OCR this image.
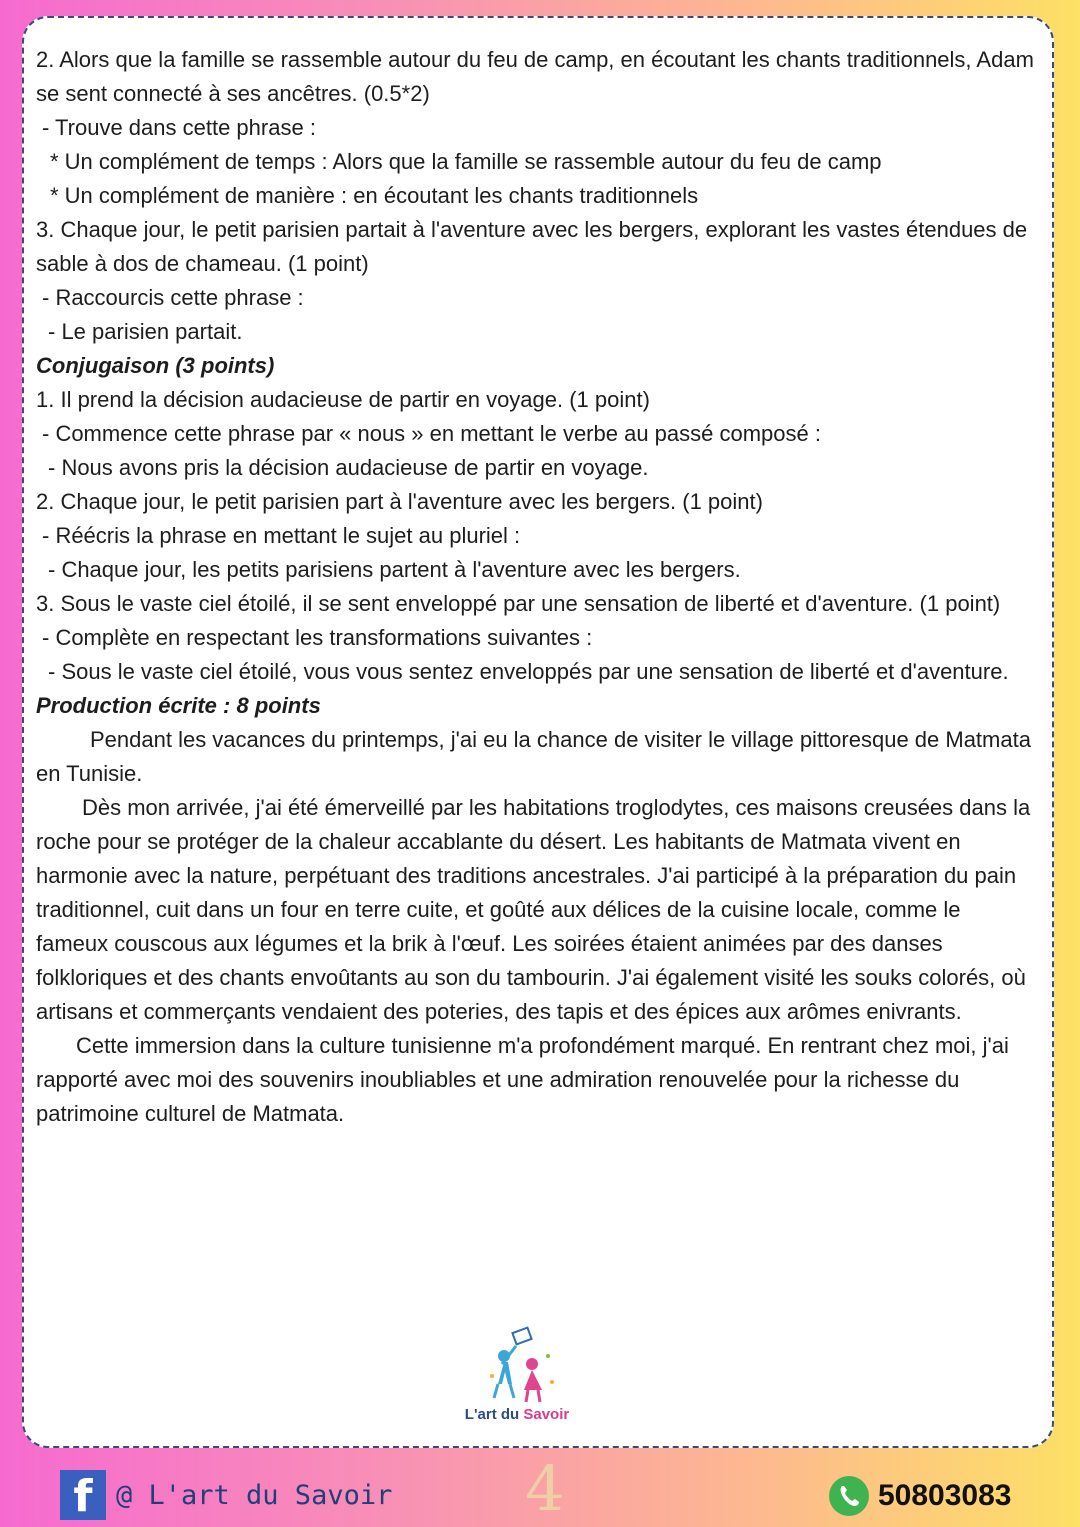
2. Alors que la famille se rassemble autour du feu de camp, en écoutant les chants traditionnels, Adam se sent connecté à ses ancêtres. (0.5*2)

- Trouve dans cette phrase :

* Un complément de temps : Alors que la famille se rassemble autour du feu de camp

* Un complément de manière : en écoutant les chants traditionnels

3. Chaque jour, le petit parisien partait à l'aventure avec les bergers, explorant les vastes étendues de sable à dos de chameau. (1 point)

- Raccourcis cette phrase :

- Le parisien partait.

Conjugaison (3 points)

1. Il prend la décision audacieuse de partir en voyage. (1 point)

- Commence cette phrase par « nous » en mettant le verbe au passé composé :

- Nous avons pris la décision audacieuse de partir en voyage.

2. Chaque jour, le petit parisien part à l'aventure avec les bergers. (1 point)

- Réécris la phrase en mettant le sujet au pluriel :

- Chaque jour, les petits parisiens partent à l'aventure avec les bergers.

3. Sous le vaste ciel étoilé, il se sent enveloppé par une sensation de liberté et d'aventure. (1 point)

- Complète en respectant les transformations suivantes :

- Sous le vaste ciel étoilé, vous vous sentez enveloppés par une sensation de liberté et d'aventure.

Production écrite : 8 points

Pendant les vacances du printemps, j'ai eu la chance de visiter le village pittoresque de Matmata en Tunisie.

Dès mon arrivée, j'ai été émerveillé par les habitations troglodytes, ces maisons creusées dans la roche pour se protéger de la chaleur accablante du désert. Les habitants de Matmata vivent en harmonie avec la nature, perpétuant des traditions ancestrales. J'ai participé à la préparation du pain traditionnel, cuit dans un four en terre cuite, et goûté aux délices de la cuisine locale, comme le fameux couscous aux légumes et la brik à l'œuf. Les soirées étaient animées par des danses folkloriques et des chants envoûtants au son du tambourin. J'ai également visité les souks colorés, où artisans et commerçants vendaient des poteries, des tapis et des épices aux arômes enivrants.

Cette immersion dans la culture tunisienne m'a profondément marqué. En rentrant chez moi, j'ai rapporté avec moi des souvenirs inoubliables et une admiration renouvelée pour la richesse du patrimoine culturel de Matmata.

L'art du Savoir
f @ L'art du Savoir 4	50803083
